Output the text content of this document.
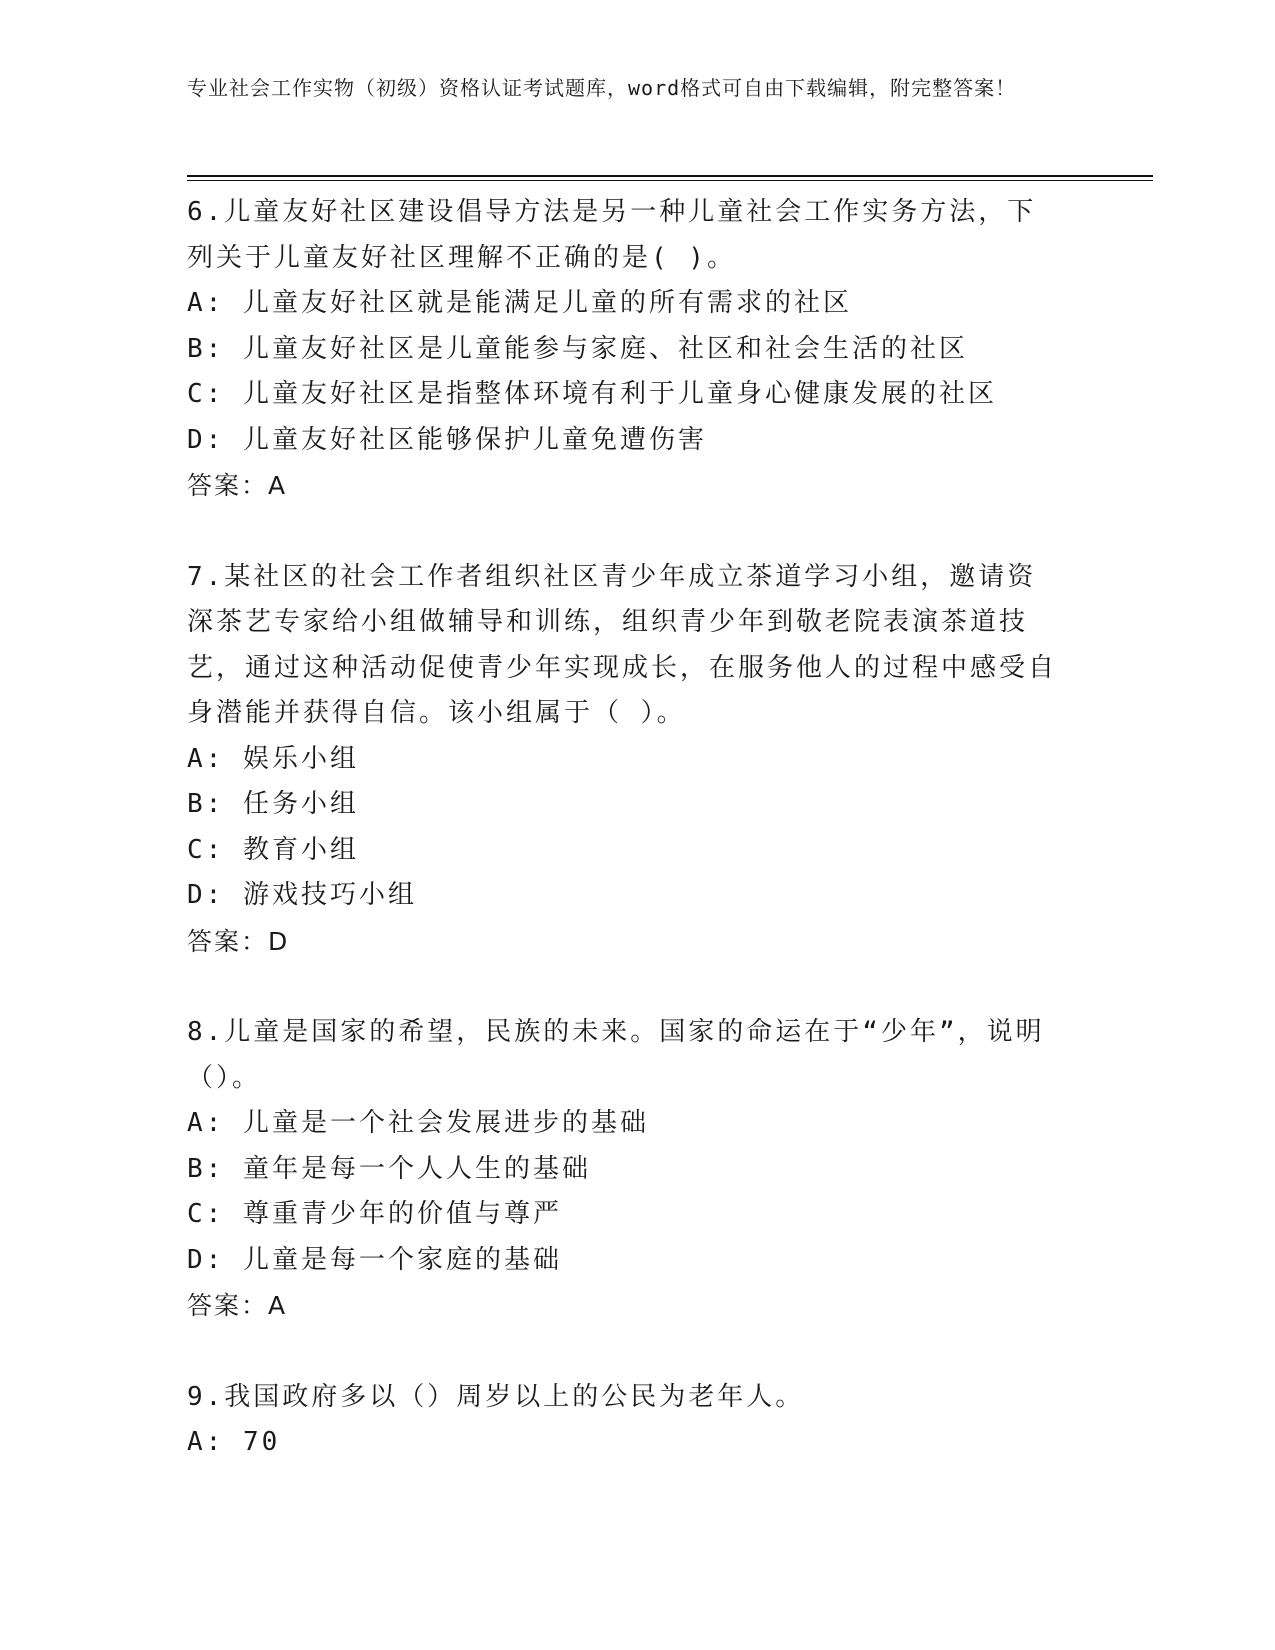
专业社会工作实物（初级）资格认证考试题库，word格式可自由下载编辑，附完整答案！
6.儿童友好社区建设倡导方法是另一种儿童社会工作实务方法，下列关于儿童友好社区理解不正确的是( )。
A: 儿童友好社区就是能满足儿童的所有需求的社区
B: 儿童友好社区是儿童能参与家庭、社区和社会生活的社区
C: 儿童友好社区是指整体环境有利于儿童身心健康发展的社区
D: 儿童友好社区能够保护儿童免遭伤害
答案：A
7.某社区的社会工作者组织社区青少年成立茶道学习小组，邀请资深茶艺专家给小组做辅导和训练，组织青少年到敬老院表演茶道技艺，通过这种活动促使青少年实现成长，在服务他人的过程中感受自身潜能并获得自信。该小组属于（ ）。
A: 娱乐小组
B: 任务小组
C: 教育小组
D: 游戏技巧小组
答案：D
8.儿童是国家的希望，民族的未来。国家的命运在于“少年”，说明（）。
A: 儿童是一个社会发展进步的基础
B: 童年是每一个人人生的基础
C: 尊重青少年的价值与尊严
D: 儿童是每一个家庭的基础
答案：A
9.我国政府多以（）周岁以上的公民为老年人。
A: 70
